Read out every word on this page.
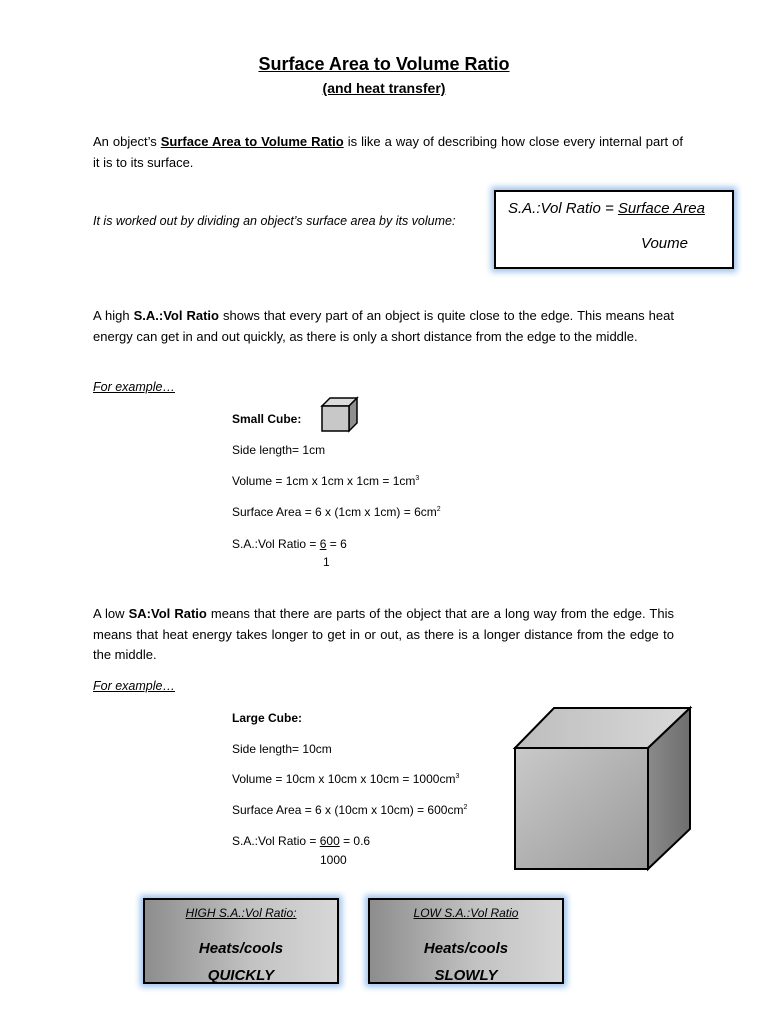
Surface Area to Volume Ratio
(and heat transfer)

An object’s Surface Area to Volume Ratio is like a way of describing how close every internal part of it is to its surface.

It is worked out by dividing an object’s surface area by its volume:
S.A.:Vol Ratio = Surface Area
Voume

A high S.A.:Vol Ratio shows that every part of an object is quite close to the edge. This means heat energy can get in and out quickly, as there is only a short distance from the edge to the middle.

For example…
Small Cube:
Side length= 1cm
Volume = 1cm x 1cm x $1cm = 1cm^3$
Surface Area = 6 x (1cm x $1cm) = 6cm^2$
S.A.:Vol Ratio = 6 = 6
1

A low SA:Vol Ratio means that there are parts of the object that are a long way from the edge. This means that heat energy takes longer to get in or out, as there is a longer distance from the edge to the middle.

For example…
Large Cube:
Side length= 10cm
Volume = 10cm x 10cm x $10cm = 1000cm^3$
Surface Area = 6 x (10cm x $10cm) = 600cm^2$
S.A.:Vol Ratio = 600 = 0.6
1000
HIGH S.A.:Vol Ratio:
Heats/cools
QUICKLY
LOW S.A.:Vol Ratio
Heats/cools
SLOWLY
